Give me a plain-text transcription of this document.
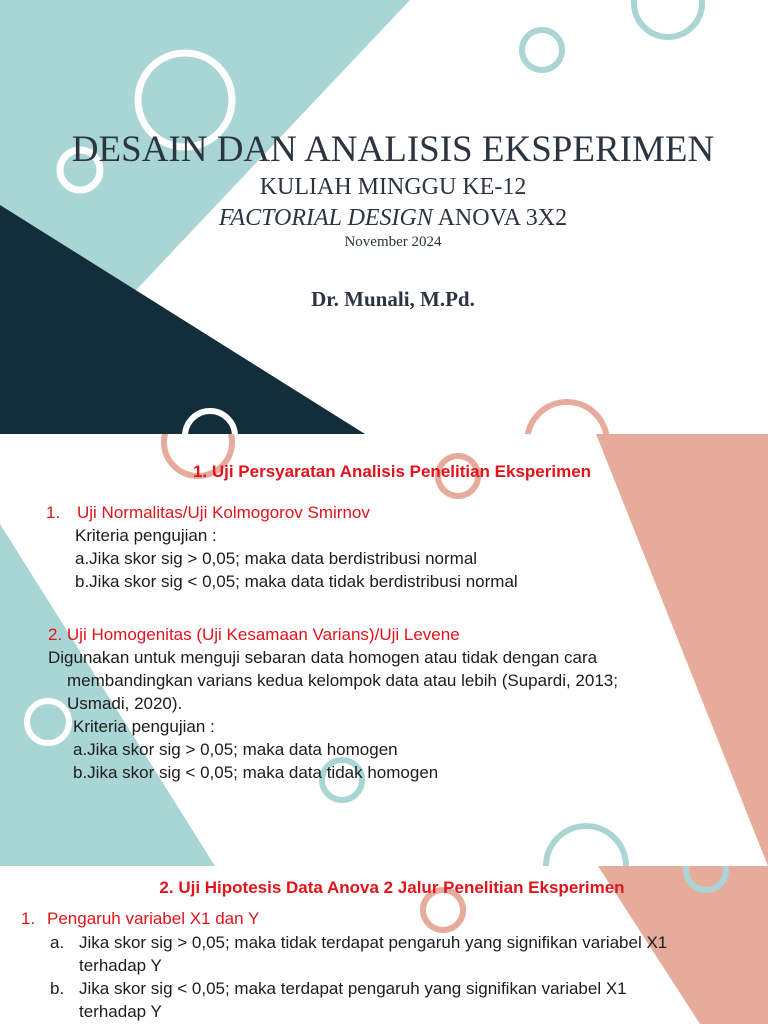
DESAIN DAN ANALISIS EKSPERIMEN
KULIAH MINGGU KE-12
FACTORIAL DESIGN ANOVA 3X2
November 2024
Dr. Munali, M.Pd.
1. Uji Persyaratan Analisis Penelitian Eksperimen
1. Uji Normalitas/Uji Kolmogorov Smirnov
Kriteria pengujian :
a.Jika skor sig > 0,05; maka data berdistribusi normal
b.Jika skor sig < 0,05; maka data tidak berdistribusi normal
2. Uji Homogenitas (Uji Kesamaan Varians)/Uji Levene
Digunakan untuk menguji sebaran data homogen atau tidak dengan cara
membandingkan varians kedua kelompok data atau lebih (Supardi, 2013;
Usmadi, 2020).
Kriteria pengujian :
a.Jika skor sig > 0,05; maka data homogen
b.Jika skor sig < 0,05; maka data tidak homogen
2. Uji Hipotesis Data Anova 2 Jalur Penelitian Eksperimen
1. Pengaruh variabel X1 dan Y
a. Jika skor sig > 0,05; maka tidak terdapat pengaruh yang signifikan variabel X1
terhadap Y
b. Jika skor sig < 0,05; maka terdapat pengaruh yang signifikan variabel X1
terhadap Y
